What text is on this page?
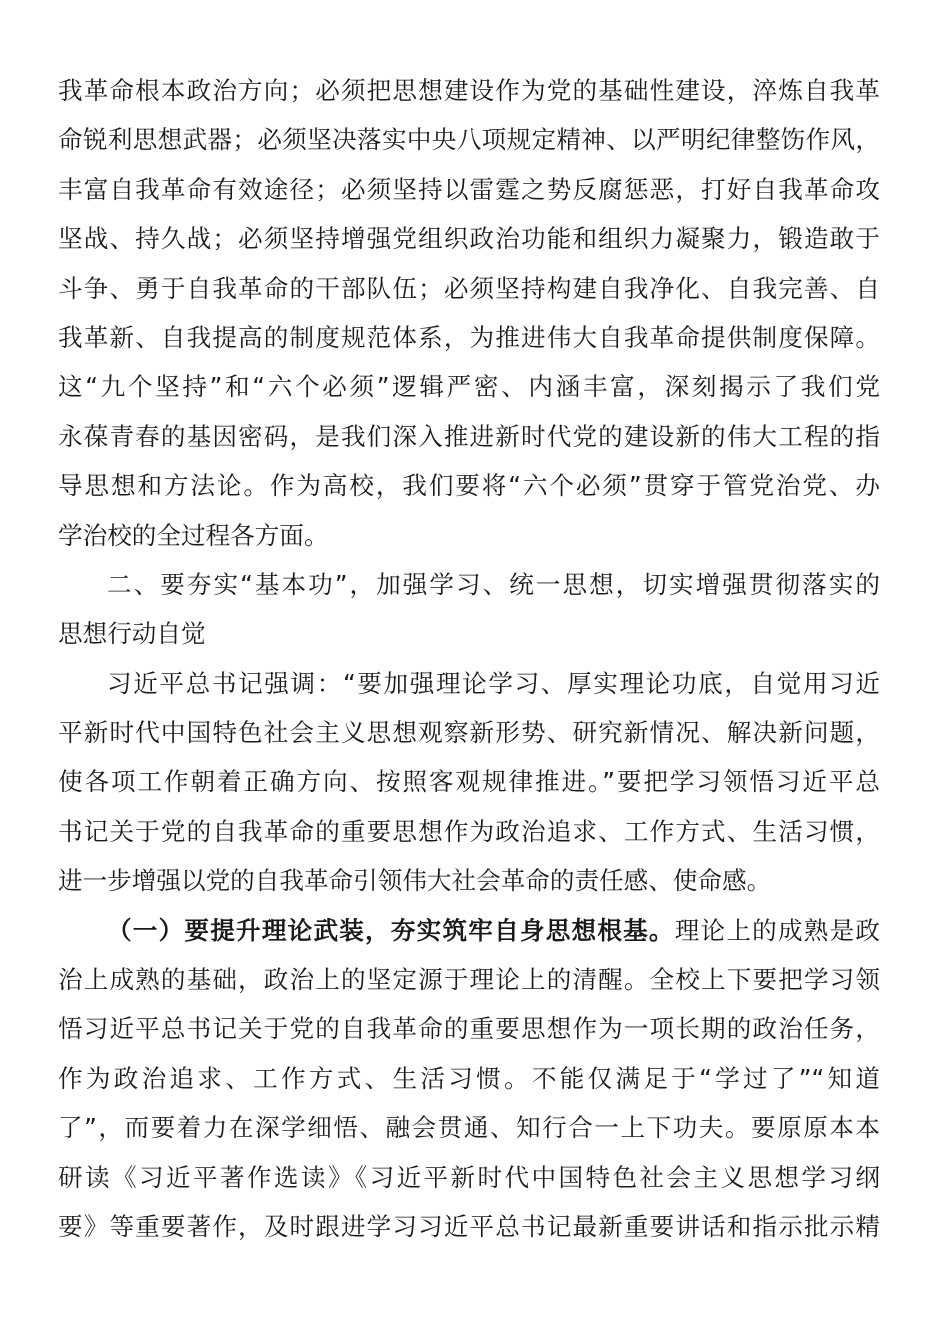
我革命根本政治方向；必须把思想建设作为党的基础性建设，淬炼自我革
命锐利思想武器；必须坚决落实中央八项规定精神、以严明纪律整饬作风，
丰富自我革命有效途径；必须坚持以雷霆之势反腐惩恶，打好自我革命攻
坚战、持久战；必须坚持增强党组织政治功能和组织力凝聚力，锻造敢于
斗争、勇于自我革命的干部队伍；必须坚持构建自我净化、自我完善、自
我革新、自我提高的制度规范体系，为推进伟大自我革命提供制度保障。
这“九个坚持”和“六个必须”逻辑严密、内涵丰富，深刻揭示了我们党
永葆青春的基因密码，是我们深入推进新时代党的建设新的伟大工程的指
导思想和方法论。作为高校，我们要将“六个必须”贯穿于管党治党、办
学治校的全过程各方面。
二、要夯实“基本功”，加强学习、统一思想，切实增强贯彻落实的
思想行动自觉
习近平总书记强调：“要加强理论学习、厚实理论功底，自觉用习近
平新时代中国特色社会主义思想观察新形势、研究新情况、解决新问题，
使各项工作朝着正确方向、按照客观规律推进。”要把学习领悟习近平总
书记关于党的自我革命的重要思想作为政治追求、工作方式、生活习惯，
进一步增强以党的自我革命引领伟大社会革命的责任感、使命感。
（一）要提升理论武装，夯实筑牢自身思想根基。理论上的成熟是政
治上成熟的基础，政治上的坚定源于理论上的清醒。全校上下要把学习领
悟习近平总书记关于党的自我革命的重要思想作为一项长期的政治任务，
作为政治追求、工作方式、生活习惯。不能仅满足于“学过了”“知道
了”，而要着力在深学细悟、融会贯通、知行合一上下功夫。要原原本本
研读《习近平著作选读》《习近平新时代中国特色社会主义思想学习纲
要》等重要著作，及时跟进学习习近平总书记最新重要讲话和指示批示精
